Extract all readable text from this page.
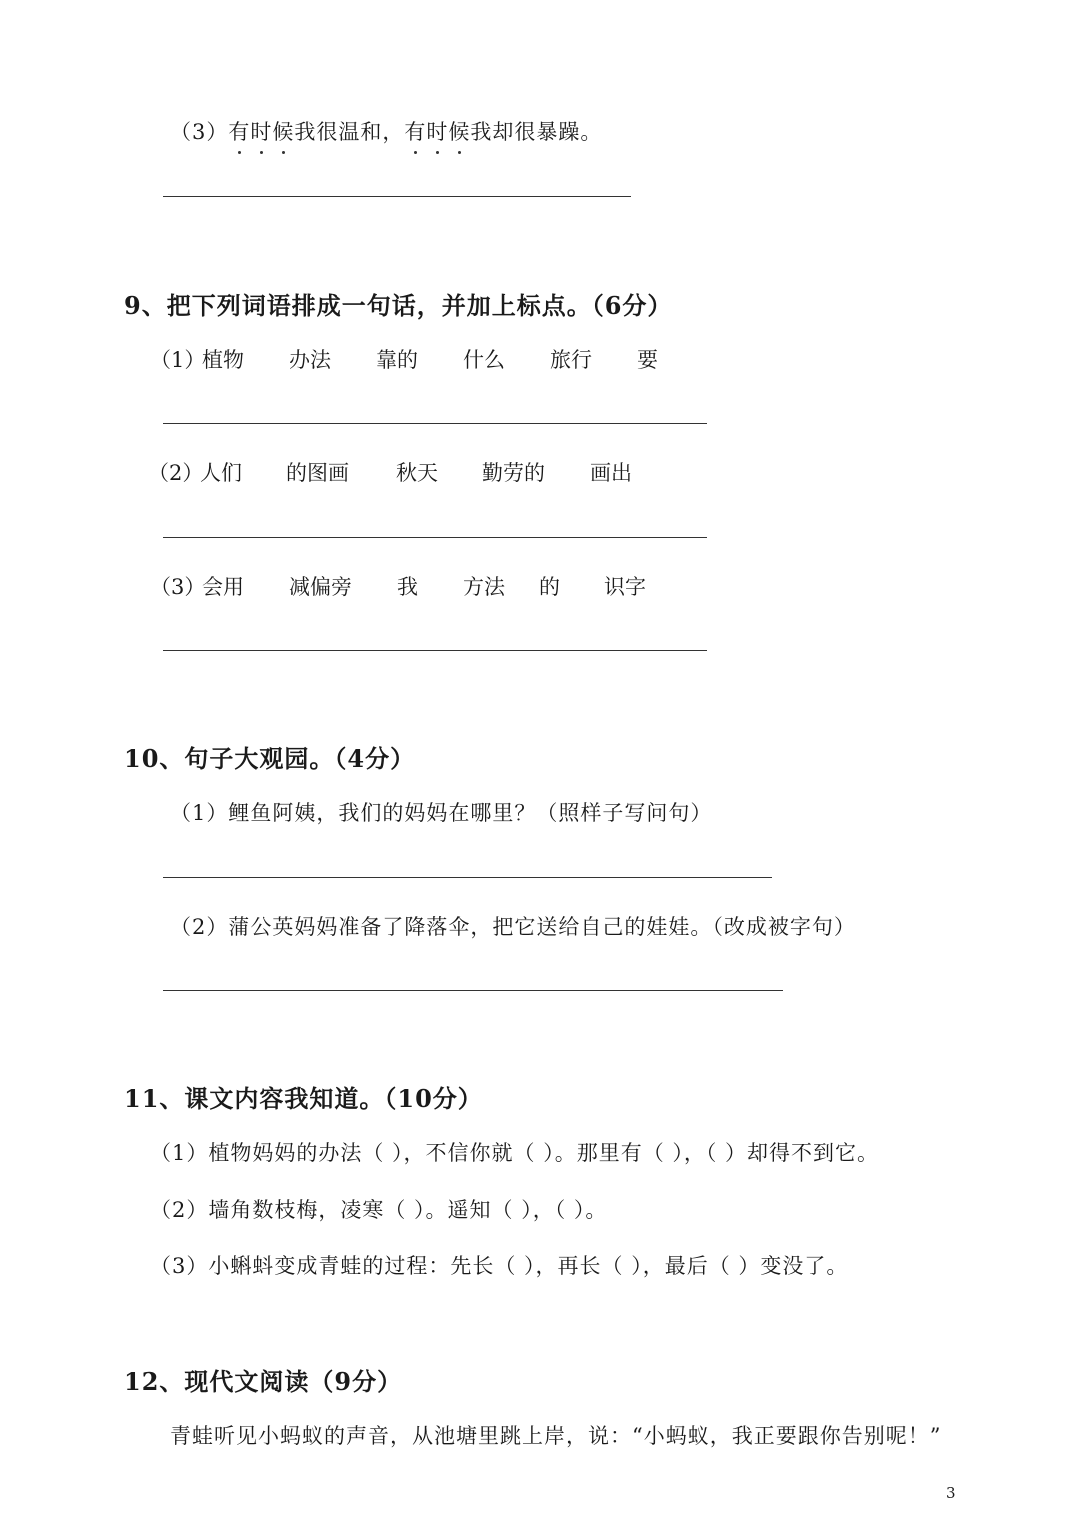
（3）有时候我很温和，有时候我却很暴躁。
9、把下列词语排成一句话，并加上标点。（6分）
（1）
植物 办法 靠的 什么 旅行 要
（2）
人们 的图画 秋天 勤劳的 画出
（3）
会用 减偏旁 我 方法 的 识字
10、句子大观园。（4分）
（1）鲤鱼阿姨，我们的妈妈在哪里？（照样子写问句）
（2）蒲公英妈妈准备了降落伞，把它送给自己的娃娃。（改成被字句）
11、课文内容我知道。（10分）
（1）植物妈妈的办法（ ），不信你就（ ）。那里有（ ），（ ）却得不到它。
（2）墙角数枝梅，凌寒（ ）。遥知（ ），（ ）。
（3）小蝌蚪变成青蛙的过程：先长（ ），再长（ ），最后（ ）变没了。
12、现代文阅读（9分）
青蛙听见小蚂蚁的声音，从池塘里跳上岸，说：“小蚂蚁，我正要跟你告别呢！”
3
